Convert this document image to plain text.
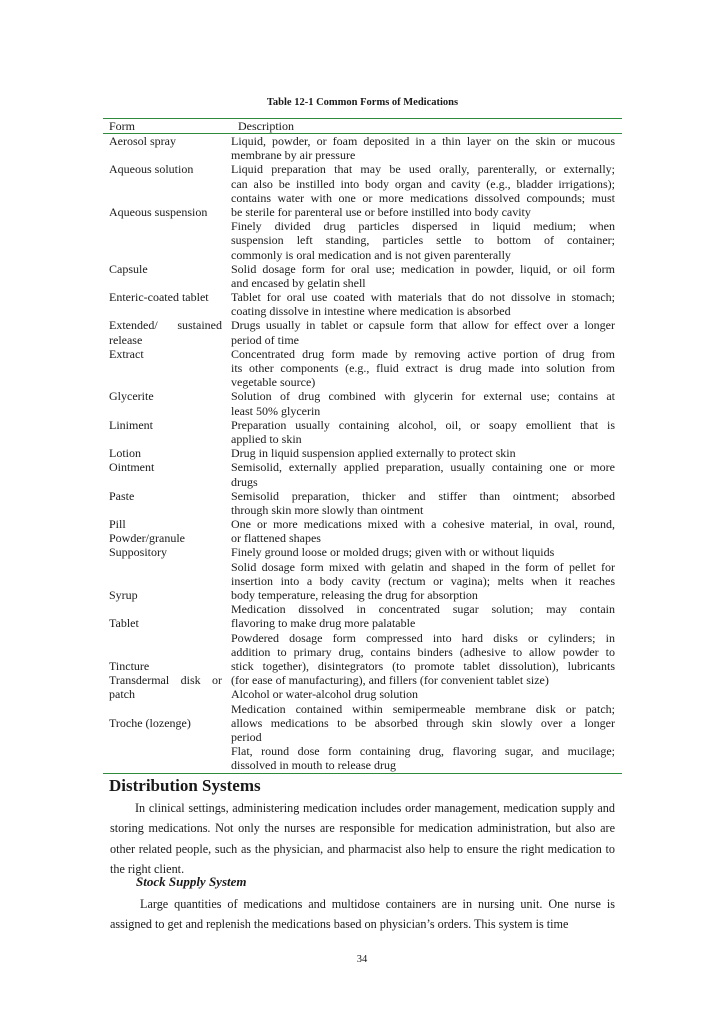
Table 12-1 Common Forms of Medications
Form	Description
Aerosol spray

Aqueous solution

Aqueous suspension

Capsule

Enteric-coated tablet

Extended/ sustained
release
Extract

Glycerite

Liniment

Lotion
Ointment

Paste

Pill
Powder/granule
Suppository

Syrup

Tablet

Tincture
Transdermal disk or
patch

Troche (lozenge)

Liquid, powder, or foam deposited in a thin layer on the skin or mucous
membrane by air pressure
Liquid preparation that may be used orally, parenterally, or externally;
can also be instilled into body organ and cavity (e.g., bladder irrigations);
contains water with one or more medications dissolved compounds; must
be sterile for parenteral use or before instilled into body cavity
Finely divided drug particles dispersed in liquid medium; when
suspension left standing, particles settle to bottom of container;
commonly is oral medication and is not given parenterally
Solid dosage form for oral use; medication in powder, liquid, or oil form
and encased by gelatin shell
Tablet for oral use coated with materials that do not dissolve in stomach;
coating dissolve in intestine where medication is absorbed
Drugs usually in tablet or capsule form that allow for effect over a longer
period of time
Concentrated drug form made by removing active portion of drug from
its other components (e.g., fluid extract is drug made into solution from
vegetable source)
Solution of drug combined with glycerin for external use; contains at
least 50% glycerin
Preparation usually containing alcohol, oil, or soapy emollient that is
applied to skin
Drug in liquid suspension applied externally to protect skin
Semisolid, externally applied preparation, usually containing one or more
drugs
Semisolid preparation, thicker and stiffer than ointment; absorbed
through skin more slowly than ointment
One or more medications mixed with a cohesive material, in oval, round,
or flattened shapes
Finely ground loose or molded drugs; given with or without liquids
Solid dosage form mixed with gelatin and shaped in the form of pellet for
insertion into a body cavity (rectum or vagina); melts when it reaches
body temperature, releasing the drug for absorption
Medication dissolved in concentrated sugar solution; may contain
flavoring to make drug more palatable
Powdered dosage form compressed into hard disks or cylinders; in
addition to primary drug, contains binders (adhesive to allow powder to
stick together), disintegrators (to promote tablet dissolution), lubricants
(for ease of manufacturing), and fillers (for convenient tablet size)
Alcohol or water-alcohol drug solution
Medication contained within semipermeable membrane disk or patch;
allows medications to be absorbed through skin slowly over a longer
period
Flat, round dose form containing drug, flavoring sugar, and mucilage;
dissolved in mouth to release drug
Distribution Systems

In clinical settings, administering medication includes order management, medication supply and storing medications. Not only the nurses are responsible for medication administration, but also are other related people, such as the physician, and pharmacist also help to ensure the right medication to the right client.

Stock Supply System

Large quantities of medications and multidose containers are in nursing unit. One nurse is assigned to get and replenish the medications based on physician’s orders. This system is time

34
